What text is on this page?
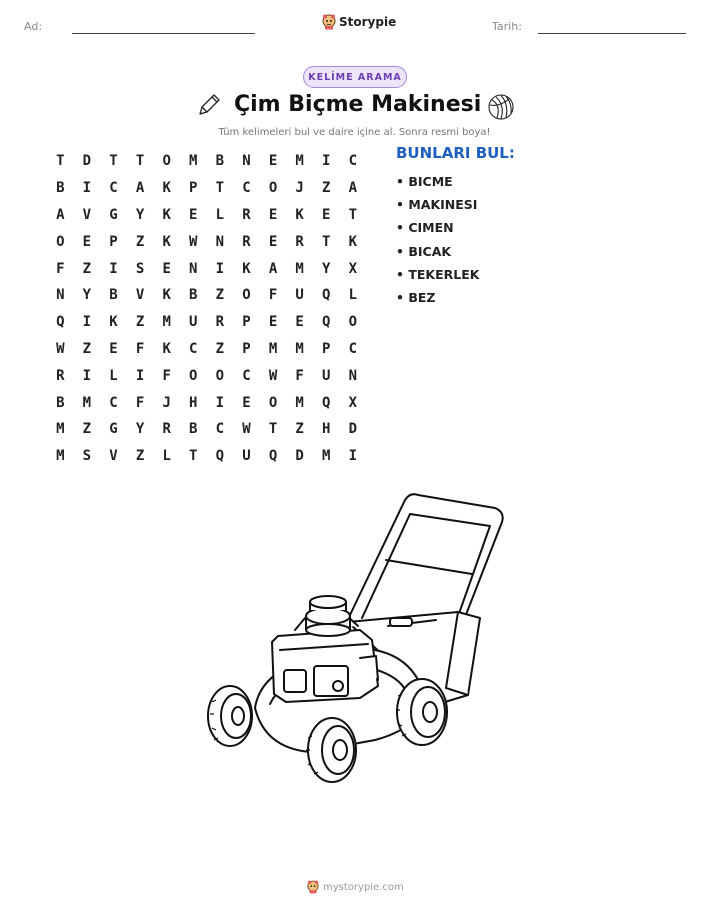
Ad:	Storypie	Tarih:
KELİME ARAMA
Çim Biçme Makinesi
Tüm kelimeleri bul ve daire içine al. Sonra resmi boya!
T	D	T	T	O	M	B	N	E	M	I	C
B	I	C	A	K	P	T	C	O	J	Z	A
A	V	G	Y	K	E	L	R	E	K	E	T
O	E	P	Z	K	W	N	R	E	R	T	K
F	Z	I	S	E	N	I	K	A	M	Y	X
N	Y	B	V	K	B	Z	O	F	U	Q	L
Q	I	K	Z	M	U	R	P	E	E	Q	O
W	Z	E	F	K	C	Z	P	M	M	P	C
R	I	L	I	F	O	O	C	W	F	U	N
B	M	C	F	J	H	I	E	O	M	Q	X
M	Z	G	Y	R	B	C	W	T	Z	H	D
M	S	V	Z	L	T	Q	U	Q	D	M	I
BUNLARI BUL:
• BICME
• MAKINESI
• CIMEN
• BICAK
• TEKERLEK
• BEZ
mystorypie.com
